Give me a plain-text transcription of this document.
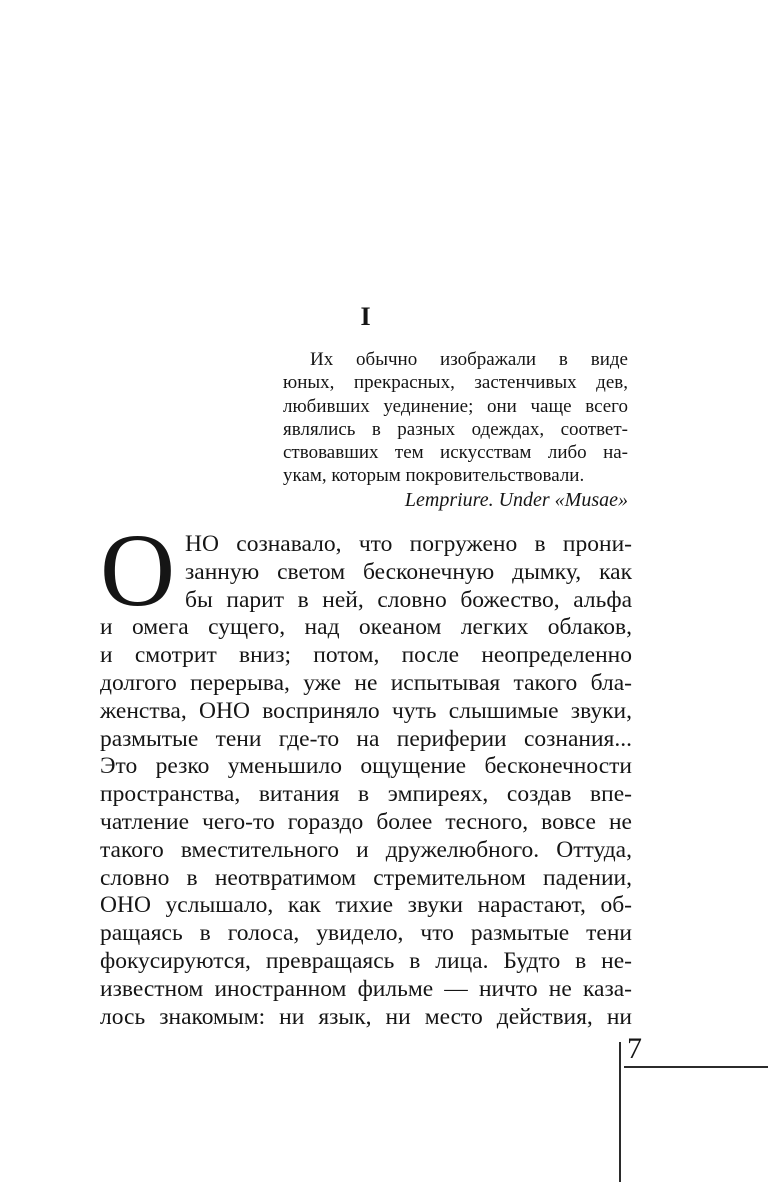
I
Их обычно изображали в виде
юных, прекрасных, застенчивых дев,
любивших уединение; они чаще всего
являлись в разных одеждах, соответ-
ствовавших тем искусствам либо на-
укам, которым покровительствовали.
Lempriure. Under «Musae»
О НО сознавало, что погружено в прони-
занную светом бесконечную дымку, как
бы парит в ней, словно божество, альфа
и омега сущего, над океаном легких облаков,
и смотрит вниз; потом, после неопределенно
долгого перерыва, уже не испытывая такого бла-
женства, ОНО восприняло чуть слышимые звуки,
размытые тени где-то на периферии сознания...
Это резко уменьшило ощущение бесконечности
пространства, витания в эмпиреях, создав впе-
чатление чего-то гораздо более тесного, вовсе не
такого вместительного и дружелюбного. Оттуда,
словно в неотвратимом стремительном падении,
ОНО услышало, как тихие звуки нарастают, об-
ращаясь в голоса, увидело, что размытые тени
фокусируются, превращаясь в лица. Будто в не-
известном иностранном фильме — ничто не каза-
лось знакомым: ни язык, ни место действия, ни
7
